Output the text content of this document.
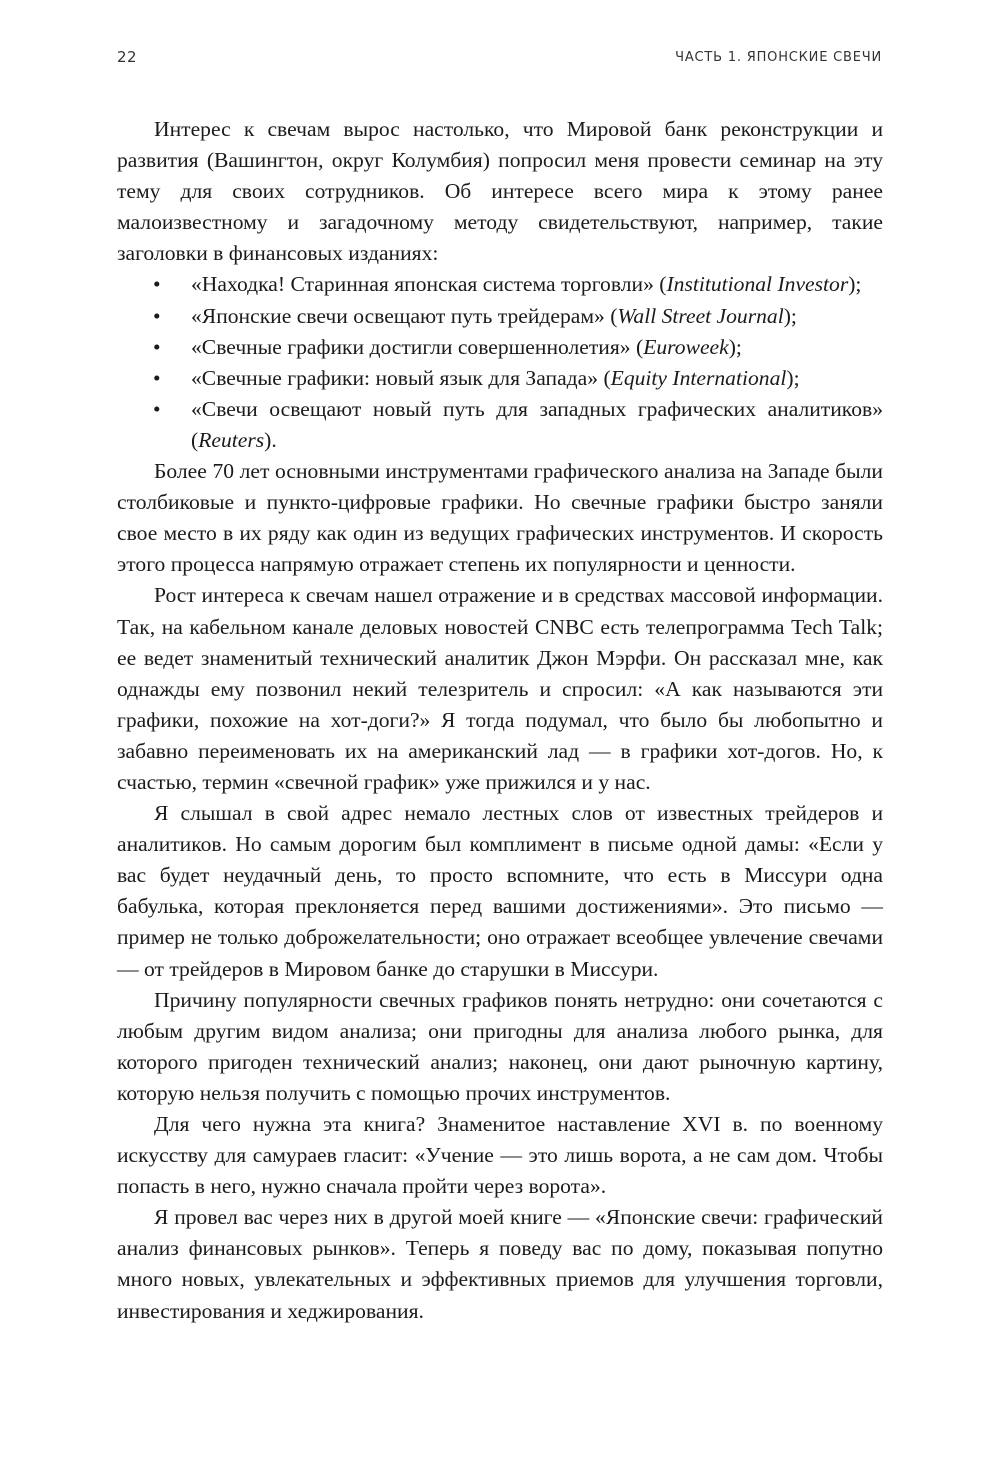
22	ЧАСТЬ 1. ЯПОНСКИЕ СВЕЧИ

Интерес к свечам вырос настолько, что Мировой банк реконструкции и развития (Вашингтон, округ Колумбия) попросил меня провести семинар на эту тему для своих сотрудников. Об интересе всего мира к этому ранее малоизвестному и загадочному методу свидетельствуют, например, такие заголовки в финансовых изданиях:

• «Находка! Старинная японская система торговли» (Institutional Investor);
• «Японские свечи освещают путь трейдерам» (Wall Street Journal);
• «Свечные графики достигли совершеннолетия» (Euroweek);
• «Свечные графики: новый язык для Запада» (Equity International);
• «Свечи освещают новый путь для западных графических аналитиков» (Reuters).

Более 70 лет основными инструментами графического анализа на Западе были столбиковые и пункто-цифровые графики. Но свечные графики быстро заняли свое место в их ряду как один из ведущих графических инструментов. И скорость этого процесса напрямую отражает степень их популярности и ценности.

Рост интереса к свечам нашел отражение и в средствах массовой информации. Так, на кабельном канале деловых новостей CNBC есть телепрограмма Tech Talk; ее ведет знаменитый технический аналитик Джон Мэрфи. Он рассказал мне, как однажды ему позвонил некий телезритель и спросил: «А как называются эти графики, похожие на хот-доги?» Я тогда подумал, что было бы любопытно и забавно переименовать их на американский лад — в графики хот-догов. Но, к счастью, термин «свечной график» уже прижился и у нас.

Я слышал в свой адрес немало лестных слов от известных трейдеров и аналитиков. Но самым дорогим был комплимент в письме одной дамы: «Если у вас будет неудачный день, то просто вспомните, что есть в Миссури одна бабулька, которая преклоняется перед вашими достижениями». Это письмо — пример не только доброжелательности; оно отражает всеобщее увлечение свечами — от трейдеров в Мировом банке до старушки в Миссури.

Причину популярности свечных графиков понять нетрудно: они сочетаются с любым другим видом анализа; они пригодны для анализа любого рынка, для которого пригоден технический анализ; наконец, они дают рыночную картину, которую нельзя получить с помощью прочих инструментов.

Для чего нужна эта книга? Знаменитое наставление XVI в. по военному искусству для самураев гласит: «Учение — это лишь ворота, а не сам дом. Чтобы попасть в него, нужно сначала пройти через ворота».

Я провел вас через них в другой моей книге — «Японские свечи: графический анализ финансовых рынков». Теперь я поведу вас по дому, показывая попутно много новых, увлекательных и эффективных приемов для улучшения торговли, инвестирования и хеджирования.
